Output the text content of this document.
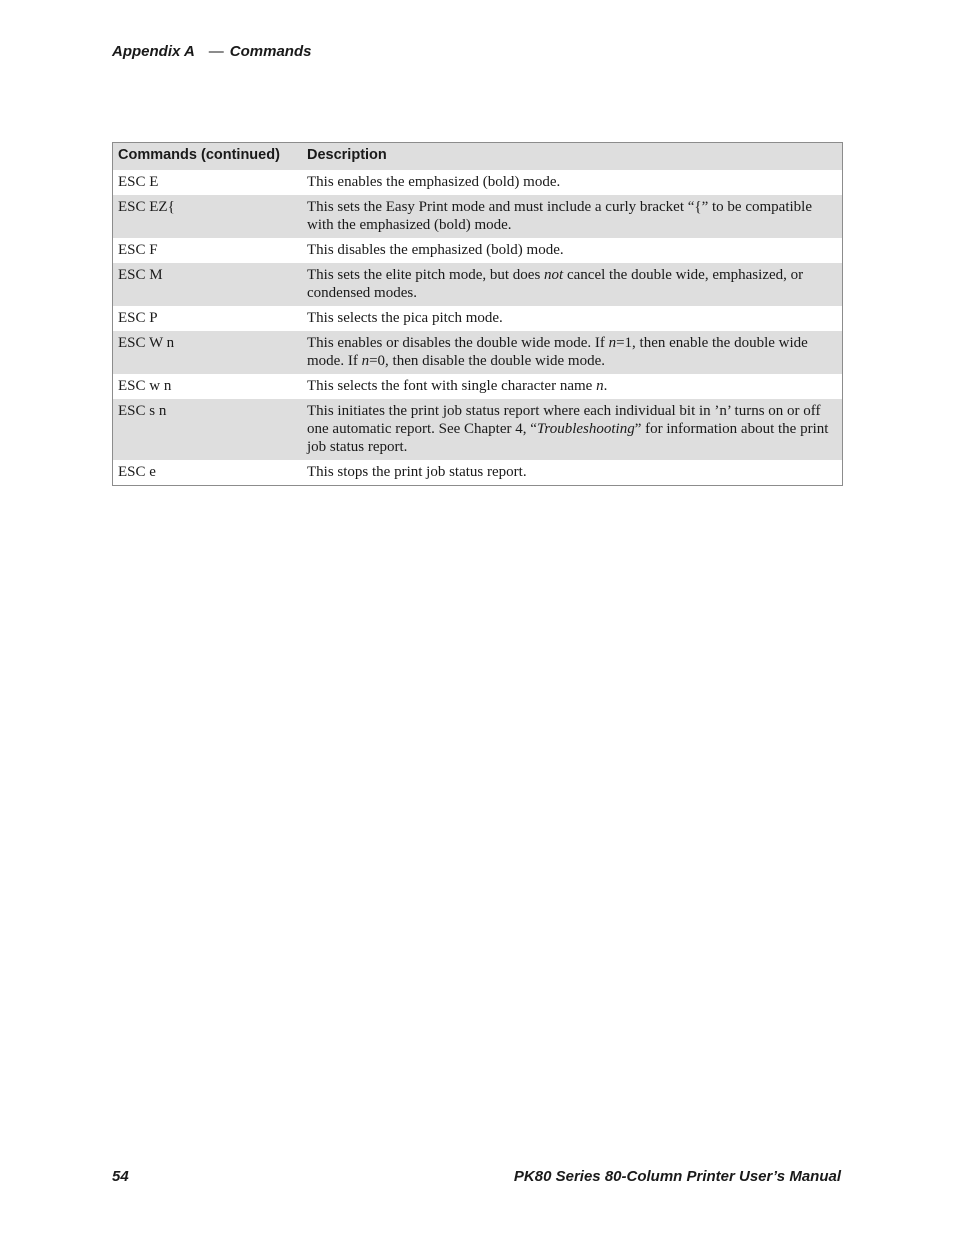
Appendix A — Commands
Commands (continued)	Description
ESC E	This enables the emphasized (bold) mode.
ESC EZ{	This sets the Easy Print mode and must include a curly bracket “{” to be compatible with the emphasized (bold) mode.
ESC F	This disables the emphasized (bold) mode.
ESC M	This sets the elite pitch mode, but does not cancel the double wide, emphasized, or condensed modes.
ESC P	This selects the pica pitch mode.
ESC W n	This enables or disables the double wide mode. If n=1, then enable the double wide mode. If n=0, then disable the double wide mode.
ESC w n	This selects the font with single character name n.
ESC s n	This initiates the print job status report where each individual bit in ’n’ turns on or off one automatic report. See Chapter 4, “Troubleshooting” for information about the print job status report.
ESC e	This stops the print job status report.
54	PK80 Series 80-Column Printer User’s Manual
